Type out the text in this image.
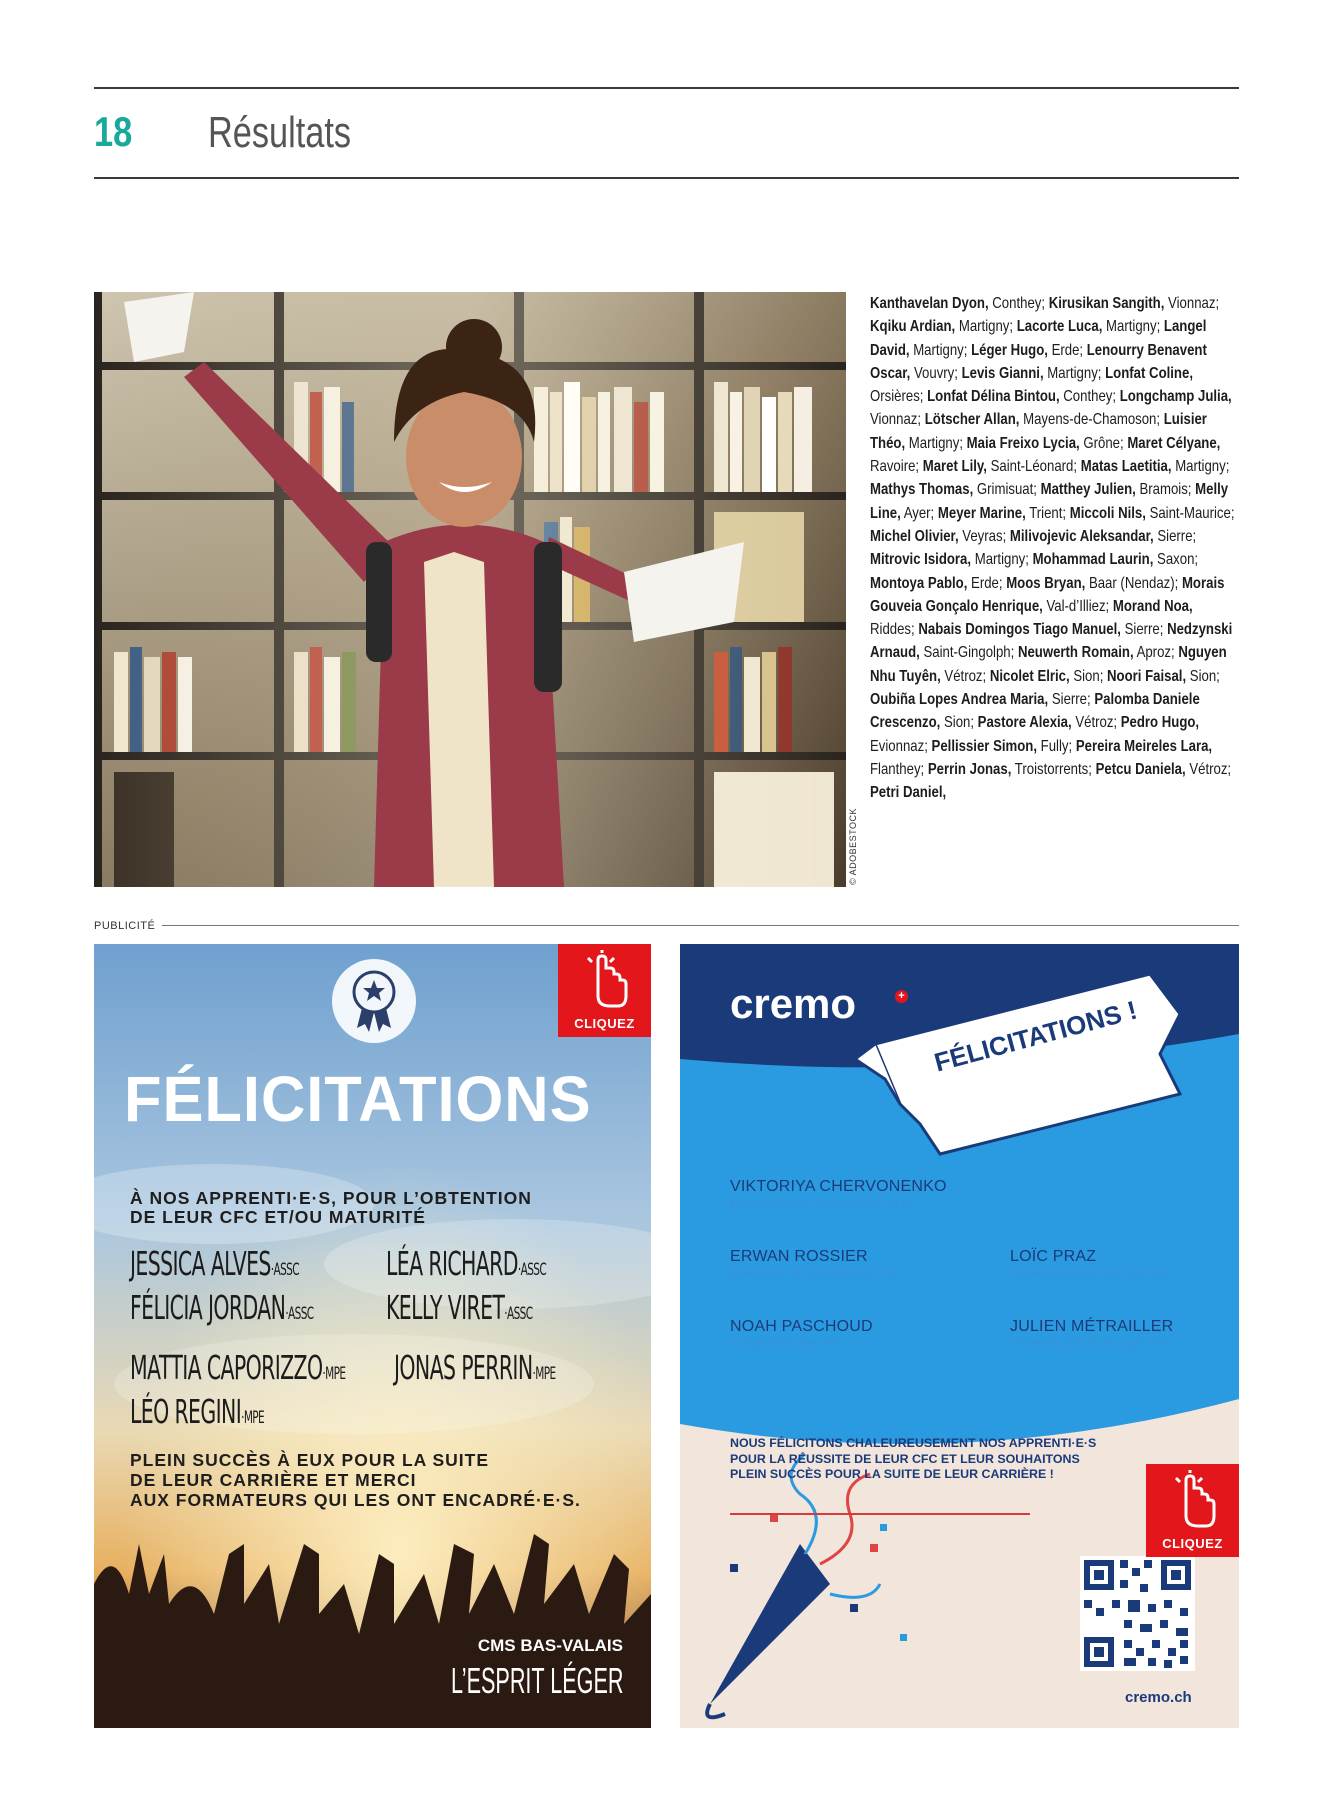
18 Résultats
© ADOBESTOCK

Kanthavelan Dyon, Conthey; Kirusikan Sangith, Vionnaz; Kqiku Ardian, Martigny; Lacorte Luca, Martigny; Langel David, Martigny; Léger Hugo, Erde; Lenourry Benavent Oscar, Vouvry; Levis Gianni, Martigny; Lonfat Coline, Orsières; Lonfat Délina Bintou, Conthey; Longchamp Julia, Vionnaz; Lötscher Allan, Mayens-de-Chamoson; Luisier Théo, Martigny; Maia Freixo Lycia, Grône; Maret Célyane, Ravoire; Maret Lily, Saint-Léonard; Matas Laetitia, Martigny; Mathys Thomas, Grimisuat; Matthey Julien, Bramois; Melly Line, Ayer; Meyer Marine, Trient; Miccoli Nils, Saint-Maurice; Michel Olivier, Veyras; Milivojevic Aleksandar, Sierre; Mitrovic Isidora, Martigny; Mohammad Laurin, Saxon; Montoya Pablo, Erde; Moos Bryan, Baar (Nendaz); Morais Gouveia Gonçalo Henrique, Val-d’Illiez; Morand Noa, Riddes; Nabais Domingos Tiago Manuel, Sierre; Nedzynski Arnaud, Saint-Gingolph; Neuwerth Romain, Aproz; Nguyen Nhu Tuyên, Vétroz; Nicolet Elric, Sion; Noori Faisal, Sion; Oubiña Lopes Andrea Maria, Sierre; Palomba Daniele Crescenzo, Sion; Pastore Alexia, Vétroz; Pedro Hugo, Evionnaz; Pellissier Simon, Fully; Pereira Meireles Lara, Flanthey; Perrin Jonas, Troistorrents; Petcu Daniela, Vétroz; Petri Daniel,

PUBLICITÉ
CLIQUEZ
FÉLICITATIONS
À NOS APPRENTI·E·S, POUR L’OBTENTION
DE LEUR CFC ET/OU MATURITÉ
JESSICA ALVES·ASSC	LÉA RICHARD·ASSC
FÉLICIA JORDAN·ASSC KELLY VIRET·ASSC
MATTIA CAPORIZZO·MPE JONAS PERRIN·MPE
LÉO REGINI·MPE
PLEIN SUCCÈS À EUX POUR LA SUITE
DE LEUR CARRIÈRE ET MERCI
AUX FORMATEURS QUI LES ONT ENCADRÉ·E·S.
CMS BAS-VALAIS
L’ESPRIT LÉGER
cremo	+ FÉLICITATIONS !
VIKTORIYA CHERVONENKO
EMPLOYÉE DE COMMERCE CFC
ERWAN ROSSIER
EMPLOYÉ DE COMMERCE CFC
LOÏC PRAZ
TECHNOLOGUE DU LAIT CFC
NOAH PASCHOUD
AUTOMATICIEN CFC
JULIEN MÉTRAILLER
TECHNOLOGUE DU LAIT CFC
NOUS FÉLICITONS CHALEUREUSEMENT NOS APPRENTI·E·S
POUR LA RÉUSSITE DE LEUR CFC ET LEUR SOUHAITONS
PLEIN SUCCÈS POUR LA SUITE DE LEUR CARRIÈRE !
CLIQUEZ
cremo.ch
